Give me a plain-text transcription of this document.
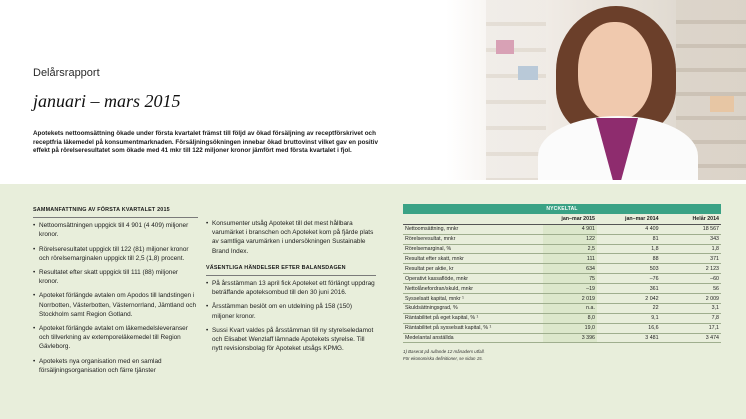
Delårsrapport
januari – mars 2015
Apotekets nettoomsättning ökade under första kvartalet främst till följd av ökad försäljning av receptförskrivet och receptfria läkemedel på konsumentmarknaden. Försäljningsökningen innebar ökad bruttovinst vilket gav en positiv effekt på rörelseresultatet som ökade med 41 mkr till 122 miljoner kronor jämfört med första kvartalet i fjol.
SAMMANFATTNING AV FÖRSTA KVARTALET 2015
• Nettoomsättningen uppgick till 4 901 (4 409) miljoner kronor.
• Rörelseresultatet uppgick till 122 (81) miljoner kronor och rörelsemarginalen uppgick till 2,5 (1,8) procent.
• Resultatet efter skatt uppgick till 111 (88) miljoner kronor.
• Apoteket förlängde avtalen om Apodos till landstingen i Norrbotten, Västerbotten, Västernorrland, Jämtland och Stockholm samt Region Gotland.
• Apoteket förlängde avtalet om läkemedelsleveranser och tillverkning av extemporeläkemedel till Region Gävleborg.
• Apotekets nya organisation med en samlad försäljningsorganisation och färre tjänster
• Konsumenter utsåg Apoteket till det mest hållbara varumärket i branschen och Apoteket kom på fjärde plats av samtliga varumärken i undersökningen Sustainable Brand Index.
VÄSENTLIGA HÄNDELSER EFTER BALANSDAGEN
• På årsstämman 13 april fick Apoteket ett förlängt uppdrag beträffande apoteksombud till den 30 juni 2016.
• Årsstämman beslöt om en utdelning på 158 (150) miljoner kronor.
• Sussi Kvart valdes på årsstämman till ny styrelseledamot och Elisabet Wenzlaff lämnade Apotekets styrelse. Till nytt revisionsbolag för Apoteket utsågs KPMG.
NYCKELTAL
	jan–mar 2015	jan–mar 2014	Helår 2014
Nettoomsättning, mnkr	4 901	4 409	18 567
Rörelseresultat, mnkr	122	81	343
Rörelsemarginal, %	2,5	1,8	1,8
Resultat efter skatt, mnkr	111	88	371
Resultat per aktie, kr	634	503	2 123
Operativt kassaflöde, mnkr	75	–76	–60
Nettolånefordran/skuld, mnkr	–19	361	56
Sysselsatt kapital, mnkr ¹	2 019	2 042	2 009
Skuldsättningsgrad, %	n.a.	22	3,1
Räntabilitet på eget kapital, % ¹	8,0	9,1	7,8
Räntabilitet på sysselsatt kapital, % ¹	19,0	16,6	17,1
Medelantal anställda	3 396	3 481	3 474
1) Baserat på rullande 12 månaders utfall.
För ekonomiska definitioner, se sidan 15.
